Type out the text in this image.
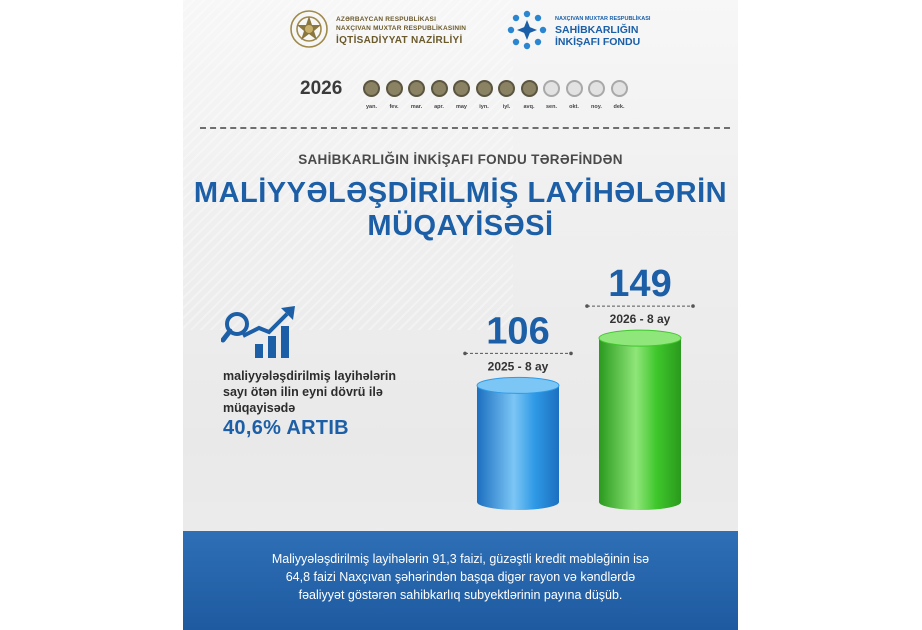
AZƏRBAYCAN RESPUBLİKASI
NAXÇIVAN MUXTAR RESPUBLİKASININ
İQTİSADİYYAT NAZİRLİYİ
NAXÇIVAN MUXTAR RESPUBLİKASI
SAHİBKARLIĞIN
İNKİŞAFI FONDU
2026
yan.	fev.	mar.	apr.	may	iyn.	iyl.	avq.	sen.	okt.	noy.	dek.
SAHİBKARLIĞIN İNKİŞAFI FONDU TƏRƏFİNDƏN
MALİYYƏLƏŞDİRİLMİŞ LAYİHƏLƏRİN
MÜQAYİSƏSİ
maliyyələşdirilmiş layihələrin
sayı ötən ilin eyni dövrü ilə
müqayisədə
40,6% ARTIB
106
2025 - 8 ay
149
2026 - 8 ay
Maliyyələşdirilmiş layihələrin 91,3 faizi, güzəştli kredit məbləğinin isə
64,8 faizi Naxçıvan şəhərindən başqa digər rayon və kəndlərdə
fəaliyyət göstərən sahibkarlıq subyektlərinin payına düşüb.
